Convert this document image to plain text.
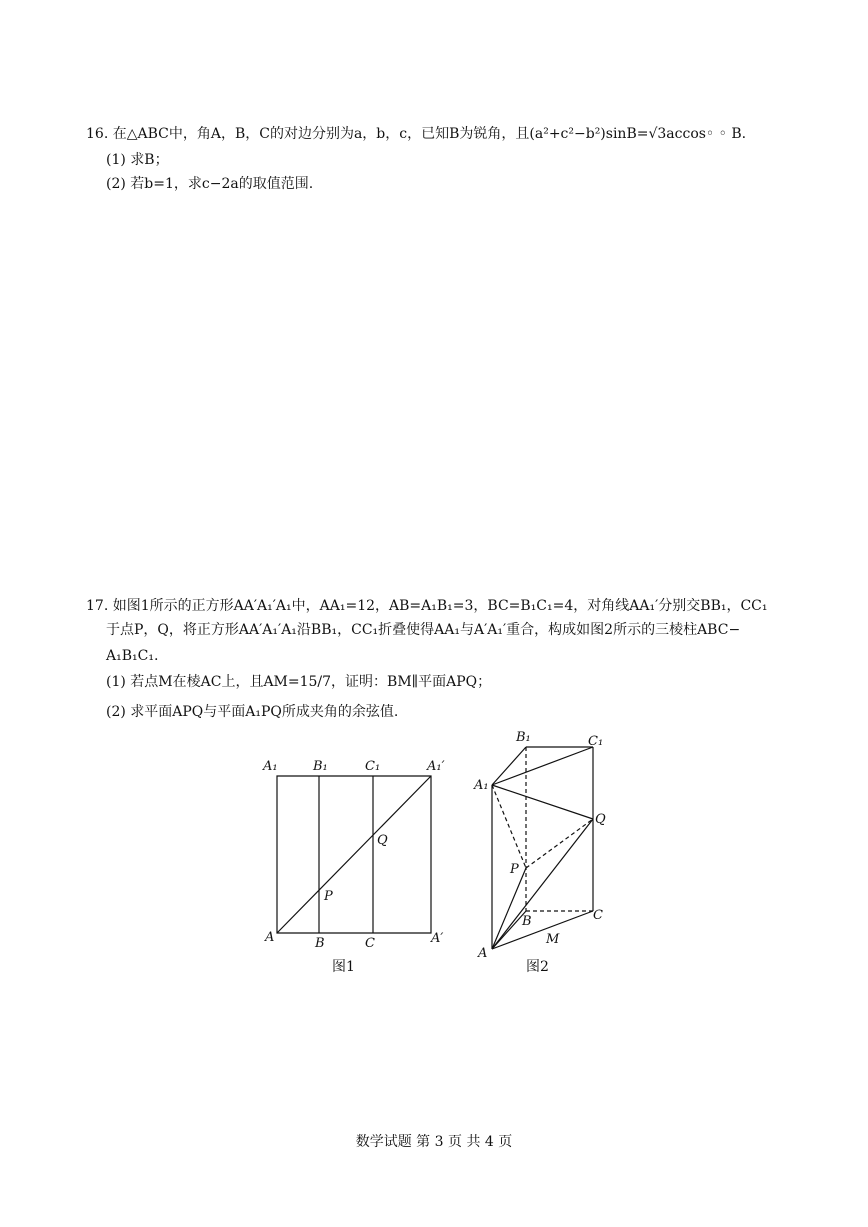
16. 在△ABC中，角A，B，C的对边分别为a，b，c，已知B为锐角，且(a²+c²−b²)sinB=√3accos◦ ◦ B.
(1) 求B；
(2) 若b=1，求c−2a的取值范围.
17. 如图1所示的正方形AA′A₁′A₁中，AA₁=12，AB=A₁B₁=3，BC=B₁C₁=4，对角线AA₁′分别交BB₁，CC₁
于点P，Q，将正方形AA′A₁′A₁沿BB₁，CC₁折叠使得AA₁与A′A₁′重合，构成如图2所示的三棱柱ABC−
A₁B₁C₁.
(1) 若点M在棱AC上，且AM=15/7，证明：BM∥平面APQ；
(2) 求平面APQ与平面A₁PQ所成夹角的余弦值.
A₁	B₁	C₁	A₁′
A	B	C	A′
P
Q
图1
B₁	C₁
A₁
Q
P
B	C
A
M
图2
数学试题 第 3 页 共 4 页
